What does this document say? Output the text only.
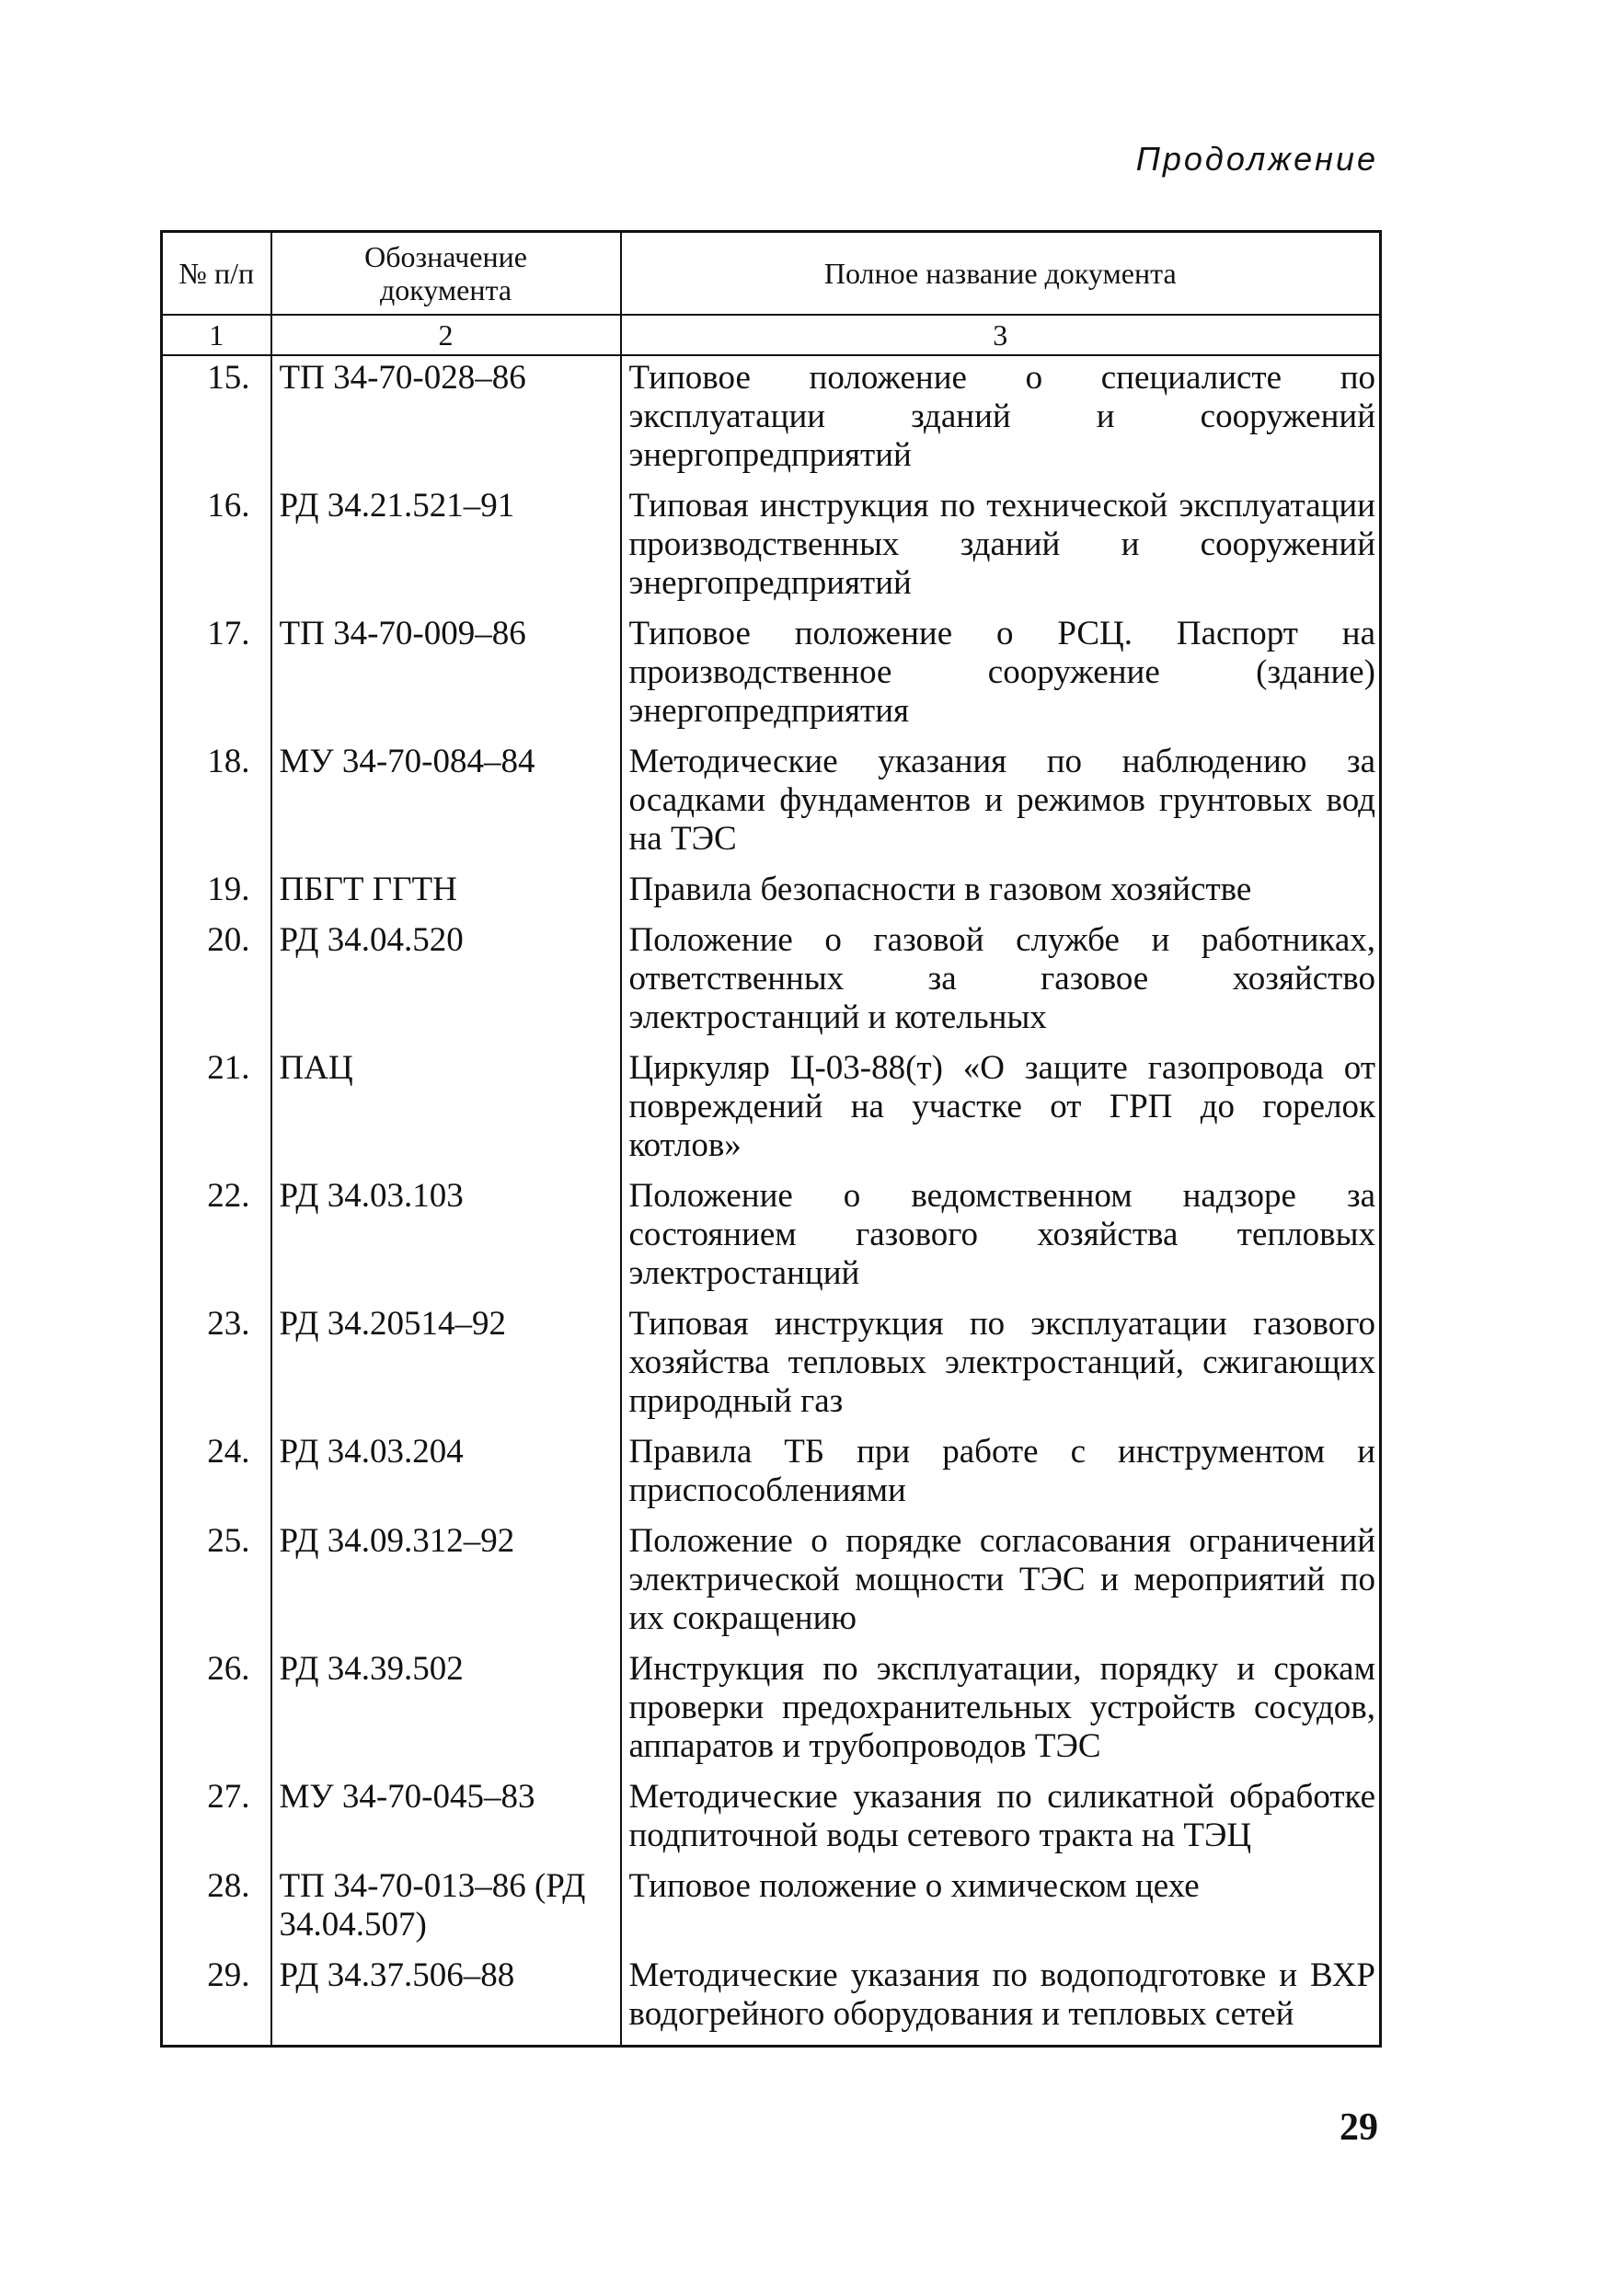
Продолжение
№ п/п	Обозначение документа	Полное название документа
1	2	3
15.	ТП 34-70-028–86	Типовое положение о специалисте по эксплуатации зданий и сооружений энергопредприятий
16.	РД 34.21.521–91	Типовая инструкция по технической эксплуатации производственных зданий и сооружений энергопредприятий
17.	ТП 34-70-009–86	Типовое положение о РСЦ. Паспорт на производственное сооружение (здание) энергопредприятия
18.	МУ 34-70-084–84	Методические указания по наблюдению за осадками фундаментов и режимов грунтовых вод на ТЭС
19.	ПБГТ ГГТН	Правила безопасности в газовом хозяйстве
20.	РД 34.04.520	Положение о газовой службе и работниках, ответственных за газовое хозяйство электростанций и котельных
21.	ПАЦ	Циркуляр Ц-03-88(т) «О защите газопровода от повреждений на участке от ГРП до горелок котлов»
22.	РД 34.03.103	Положение о ведомственном надзоре за состоянием газового хозяйства тепловых электростанций
23.	РД 34.20514–92	Типовая инструкция по эксплуатации газового хозяйства тепловых электростанций, сжигающих природный газ
24.	РД 34.03.204	Правила ТБ при работе с инструментом и приспособлениями
25.	РД 34.09.312–92	Положение о порядке согласования ограничений электрической мощности ТЭС и мероприятий по их сокращению
26.	РД 34.39.502	Инструкция по эксплуатации, порядку и срокам проверки предохранительных устройств сосудов, аппаратов и трубопроводов ТЭС
27.	МУ 34-70-045–83	Методические указания по силикатной обработке подпиточной воды сетевого тракта на ТЭЦ
28.	ТП 34-70-013–86 (РД 34.04.507)	Типовое положение о химическом цехе
29.	РД 34.37.506–88	Методические указания по водоподготовке и ВХР водогрейного оборудования и тепловых сетей
29
